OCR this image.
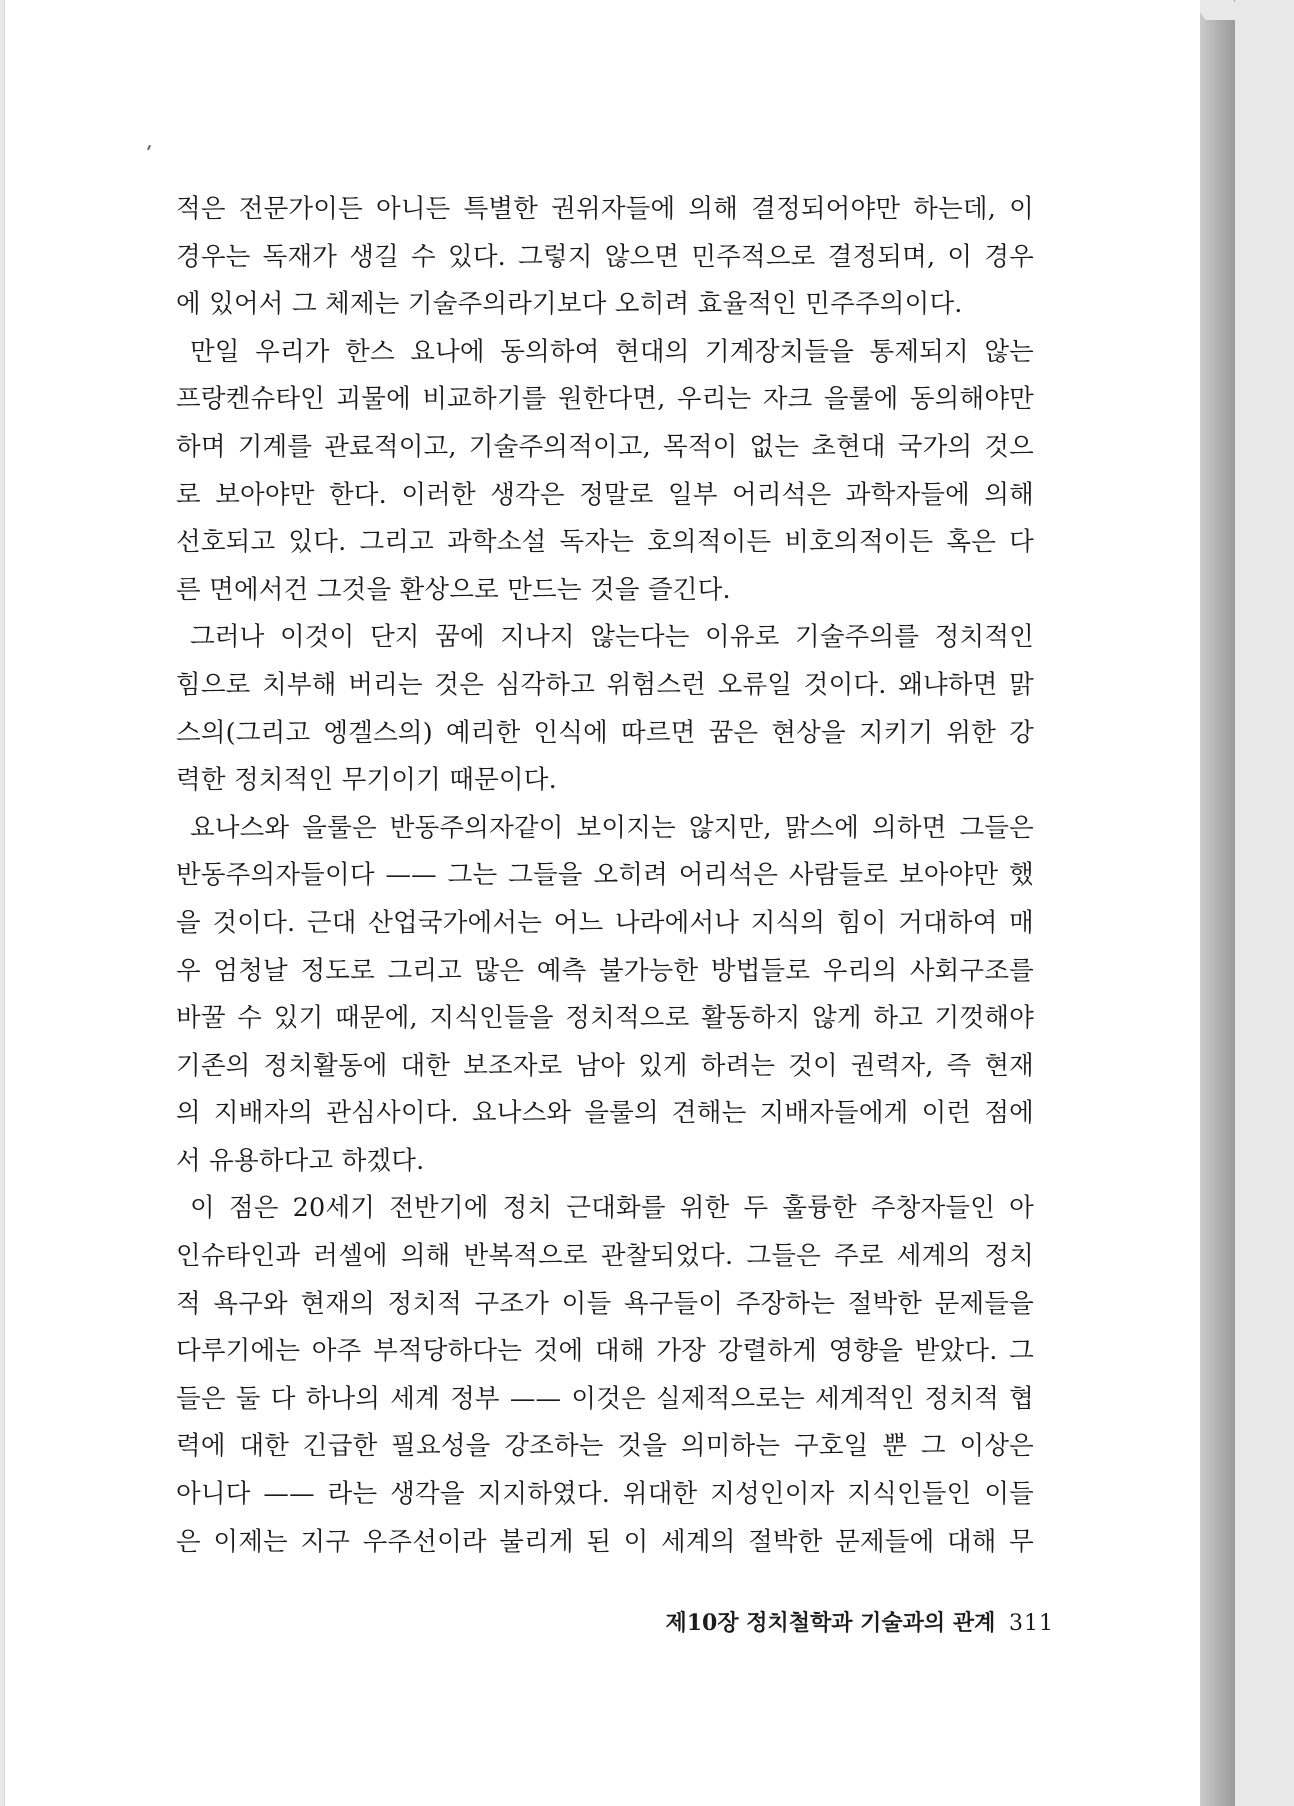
적은 전문가이든 아니든 특별한 권위자들에 의해 결정되어야만 하는데, 이
경우는 독재가 생길 수 있다. 그렇지 않으면 민주적으로 결정되며, 이 경우
에 있어서 그 체제는 기술주의라기보다 오히려 효율적인 민주주의이다.
만일 우리가 한스 요나에 동의하여 현대의 기계장치들을 통제되지 않는
프랑켄슈타인 괴물에 비교하기를 원한다면, 우리는 자크 을룰에 동의해야만
하며 기계를 관료적이고, 기술주의적이고, 목적이 없는 초현대 국가의 것으
로 보아야만 한다. 이러한 생각은 정말로 일부 어리석은 과학자들에 의해
선호되고 있다. 그리고 과학소설 독자는 호의적이든 비호의적이든 혹은 다
른 면에서건 그것을 환상으로 만드는 것을 즐긴다.
그러나 이것이 단지 꿈에 지나지 않는다는 이유로 기술주의를 정치적인
힘으로 치부해 버리는 것은 심각하고 위험스런 오류일 것이다. 왜냐하면 맑
스의(그리고 엥겔스의) 예리한 인식에 따르면 꿈은 현상을 지키기 위한 강
력한 정치적인 무기이기 때문이다.
요나스와 을룰은 반동주의자같이 보이지는 않지만, 맑스에 의하면 그들은
반동주의자들이다 —— 그는 그들을 오히려 어리석은 사람들로 보아야만 했
을 것이다. 근대 산업국가에서는 어느 나라에서나 지식의 힘이 거대하여 매
우 엄청날 정도로 그리고 많은 예측 불가능한 방법들로 우리의 사회구조를
바꿀 수 있기 때문에, 지식인들을 정치적으로 활동하지 않게 하고 기껏해야
기존의 정치활동에 대한 보조자로 남아 있게 하려는 것이 권력자, 즉 현재
의 지배자의 관심사이다. 요나스와 을룰의 견해는 지배자들에게 이런 점에
서 유용하다고 하겠다.
이 점은 20세기 전반기에 정치 근대화를 위한 두 훌륭한 주창자들인 아
인슈타인과 러셀에 의해 반복적으로 관찰되었다. 그들은 주로 세계의 정치
적 욕구와 현재의 정치적 구조가 이들 욕구들이 주장하는 절박한 문제들을
다루기에는 아주 부적당하다는 것에 대해 가장 강렬하게 영향을 받았다. 그
들은 둘 다 하나의 세계 정부 —— 이것은 실제적으로는 세계적인 정치적 협
력에 대한 긴급한 필요성을 강조하는 것을 의미하는 구호일 뿐 그 이상은
아니다 —— 라는 생각을 지지하였다. 위대한 지성인이자 지식인들인 이들
은 이제는 지구 우주선이라 불리게 된 이 세계의 절박한 문제들에 대해 무
제10장 정치철학과 기술과의 관계 311
